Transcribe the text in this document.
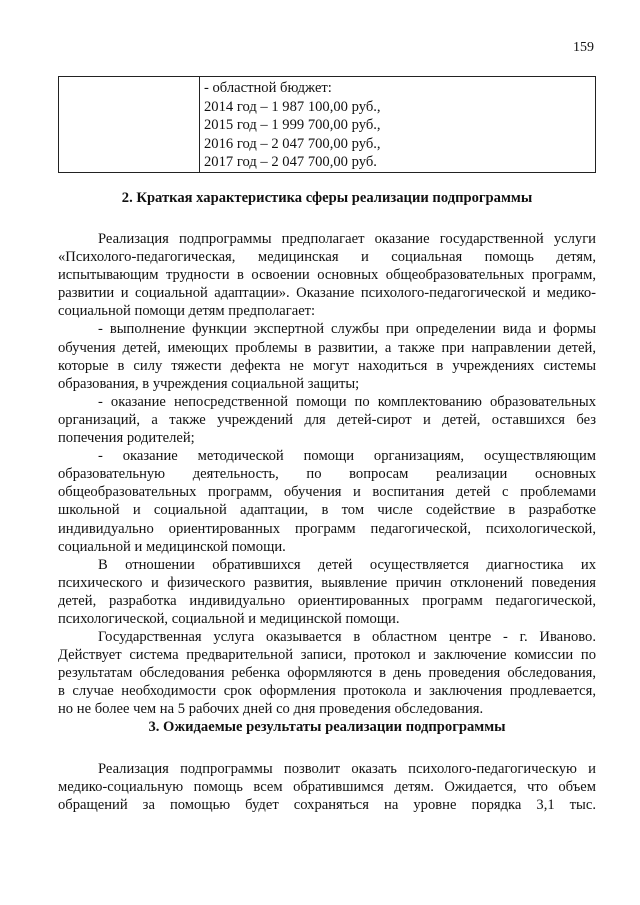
159

- областной бюджет:
2014 год – 1 987 100,00 руб.,
2015 год – 1 999 700,00 руб.,
2016 год – 2 047 700,00 руб.,
2017 год – 2 047 700,00 руб.
2. Краткая характеристика сферы реализации подпрограммы
Реализация подпрограммы предполагает оказание государственной услуги
«Психолого-педагогическая, медицинская и социальная помощь детям,
испытывающим трудности в освоении основных общеобразовательных программ,
развитии и социальной адаптации». Оказание психолого-педагогической и медико-
социальной помощи детям предполагает:
- выполнение функции экспертной службы при определении вида и формы
обучения детей, имеющих проблемы в развитии, а также при направлении детей,
которые в силу тяжести дефекта не могут находиться в учреждениях системы
образования, в учреждения социальной защиты;
- оказание непосредственной помощи по комплектованию образовательных
организаций, а также учреждений для детей-сирот и детей, оставшихся без
попечения родителей;
- оказание методической помощи организациям, осуществляющим
образовательную деятельность, по вопросам реализации основных
общеобразовательных программ, обучения и воспитания детей с проблемами
школьной и социальной адаптации, в том числе содействие в разработке
индивидуально ориентированных программ педагогической, психологической,
социальной и медицинской помощи.
В отношении обратившихся детей осуществляется диагностика их
психического и физического развития, выявление причин отклонений поведения
детей, разработка индивидуально ориентированных программ педагогической,
психологической, социальной и медицинской помощи.
Государственная услуга оказывается в областном центре - г. Иваново.
Действует система предварительной записи, протокол и заключение комиссии по
результатам обследования ребенка оформляются в день проведения обследования,
в случае необходимости срок оформления протокола и заключения продлевается,
но не более чем на 5 рабочих дней со дня проведения обследования.
3. Ожидаемые результаты реализации подпрограммы
Реализация подпрограммы позволит оказать психолого-педагогическую и
медико-социальную помощь всем обратившимся детям. Ожидается, что объем
обращений за помощью будет сохраняться на уровне порядка 3,1 тыс.
